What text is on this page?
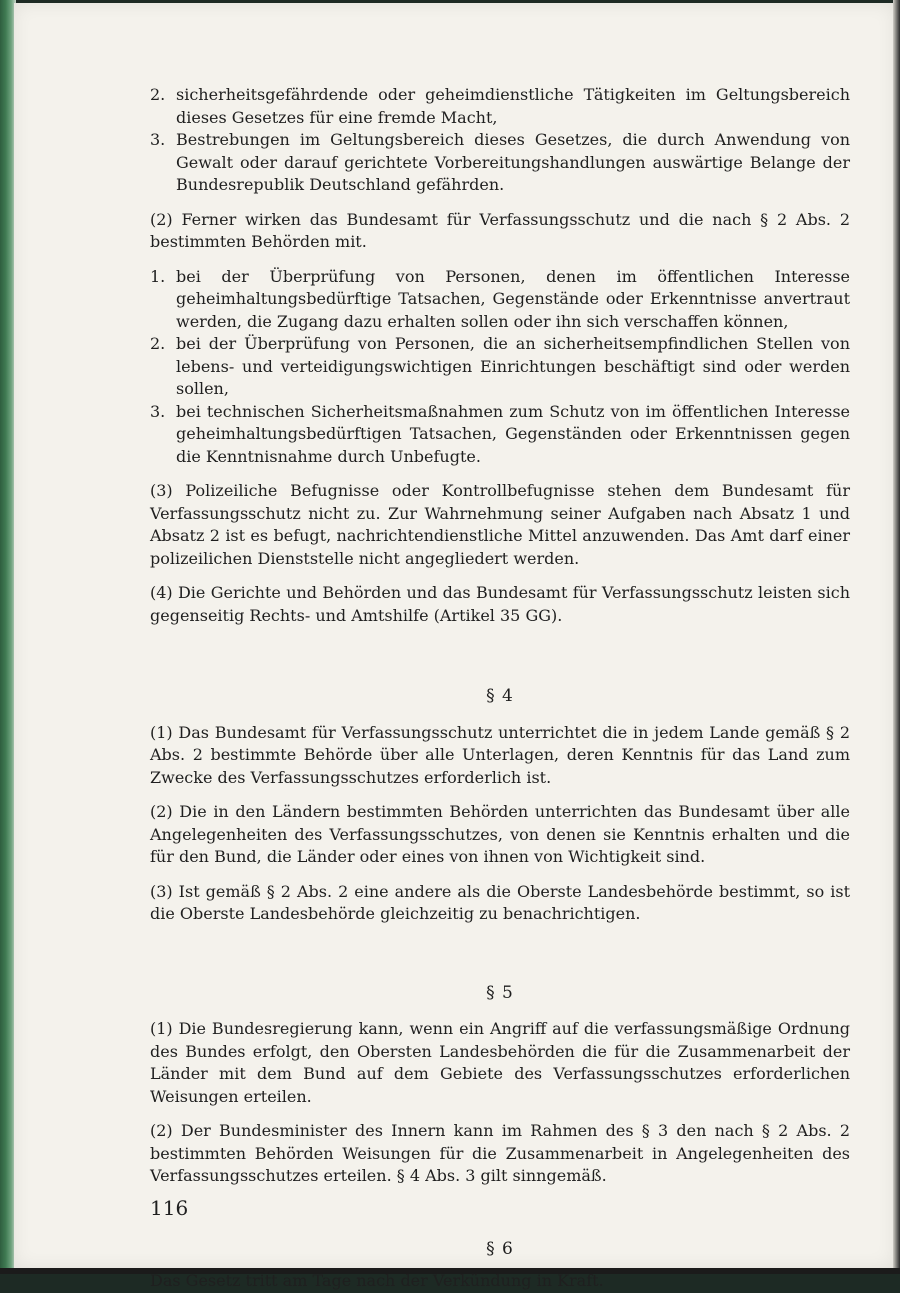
2. sicherheitsgefährdende oder geheimdienstliche Tätigkeiten im Geltungsbereich dieses Gesetzes für eine fremde Macht,
3. Bestrebungen im Geltungsbereich dieses Gesetzes, die durch Anwendung von Gewalt oder darauf gerichtete Vorbereitungshandlungen auswärtige Belange der Bundesrepublik Deutschland gefährden.

(2) Ferner wirken das Bundesamt für Verfassungsschutz und die nach § 2 Abs. 2 bestimmten Behörden mit.

1. bei der Überprüfung von Personen, denen im öffentlichen Interesse geheimhaltungsbedürftige Tatsachen, Gegenstände oder Erkenntnisse anvertraut werden, die Zugang dazu erhalten sollen oder ihn sich verschaffen können,
2. bei der Überprüfung von Personen, die an sicherheitsempfindlichen Stellen von lebens- und verteidigungswichtigen Einrichtungen beschäftigt sind oder werden sollen,
3. bei technischen Sicherheitsmaßnahmen zum Schutz von im öffentlichen Interesse geheimhaltungsbedürftigen Tatsachen, Gegenständen oder Erkenntnissen gegen die Kenntnisnahme durch Unbefugte.

(3) Polizeiliche Befugnisse oder Kontrollbefugnisse stehen dem Bundesamt für Verfassungsschutz nicht zu. Zur Wahrnehmung seiner Aufgaben nach Absatz 1 und Absatz 2 ist es befugt, nachrichtendienstliche Mittel anzuwenden. Das Amt darf einer polizeilichen Dienststelle nicht angegliedert werden.

(4) Die Gerichte und Behörden und das Bundesamt für Verfassungsschutz leisten sich gegenseitig Rechts- und Amtshilfe (Artikel 35 GG).

§ 4

(1) Das Bundesamt für Verfassungsschutz unterrichtet die in jedem Lande gemäß § 2 Abs. 2 bestimmte Behörde über alle Unterlagen, deren Kenntnis für das Land zum Zwecke des Verfassungsschutzes erforderlich ist.

(2) Die in den Ländern bestimmten Behörden unterrichten das Bundesamt über alle Angelegenheiten des Verfassungsschutzes, von denen sie Kenntnis erhalten und die für den Bund, die Länder oder eines von ihnen von Wichtigkeit sind.

(3) Ist gemäß § 2 Abs. 2 eine andere als die Oberste Landesbehörde bestimmt, so ist die Oberste Landesbehörde gleichzeitig zu benachrichtigen.

§ 5

(1) Die Bundesregierung kann, wenn ein Angriff auf die verfassungsmäßige Ordnung des Bundes erfolgt, den Obersten Landesbehörden die für die Zusammenarbeit der Länder mit dem Bund auf dem Gebiete des Verfassungsschutzes erforderlichen Weisungen erteilen.

(2) Der Bundesminister des Innern kann im Rahmen des § 3 den nach § 2 Abs. 2 bestimmten Behörden Weisungen für die Zusammenarbeit in Angelegenheiten des Verfassungsschutzes erteilen. § 4 Abs. 3 gilt sinngemäß.

§ 6

Das Gesetz tritt am Tage nach der Verkündung in Kraft.

116
